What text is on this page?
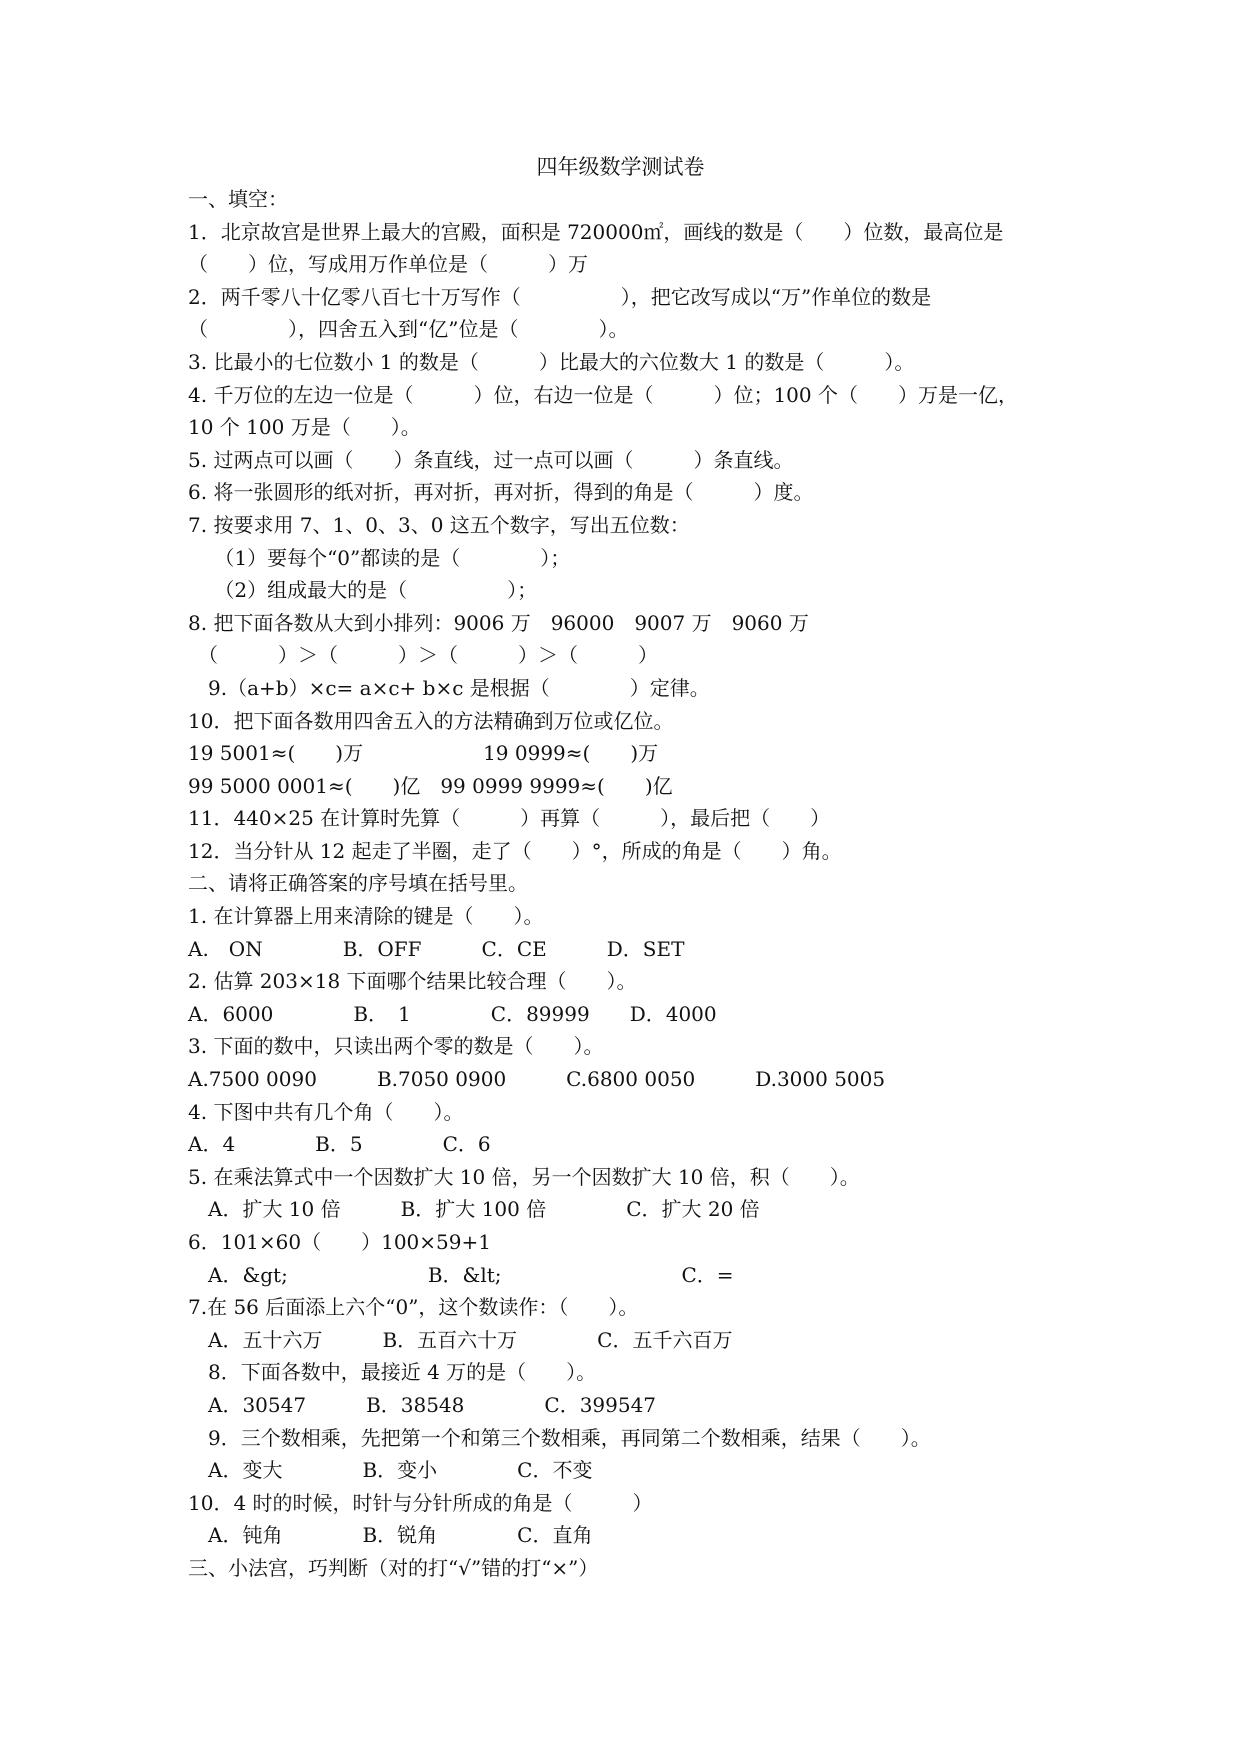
四年级数学测试卷
一、填空：
1．北京故宫是世界上最大的宫殿，面积是 720000㎡，画线的数是（　　）位数，最高位是
（　　）位，写成用万作单位是（　　　）万
2．两千零八十亿零八百七十万写作（　　　　　），把它改写成以“万”作单位的数是
（　　　　），四舍五入到“亿”位是（　　　　）。
3. 比最小的七位数小 1 的数是（　　　）比最大的六位数大 1 的数是（　　　）。
4. 千万位的左边一位是（　　　）位，右边一位是（　　　）位；100 个（　　）万是一亿，
10 个 100 万是（　　）。
5. 过两点可以画（　　）条直线，过一点可以画（　　　）条直线。
6. 将一张圆形的纸对折，再对折，再对折，得到的角是（　　　）度。
7. 按要求用 7、1、0、3、0 这五个数字，写出五位数：
　 （1）要每个“0”都读的是（　　　　）；
　 （2）组成最大的是（　　　　　）；
8. 把下面各数从大到小排列：9006 万　96000　9007 万　9060 万
　（　　　）＞（　　　）＞（　　　）＞（　　　）
　9.（a+b）×c= a×c+ b×c 是根据（　　　　）定律。
10．把下面各数用四舍五入的方法精确到万位或亿位。
19 5001≈(　　)万　　　　　　19 0999≈(　　)万
99 5000 0001≈(　　)亿　99 0999 9999≈(　　)亿
11．440×25 在计算时先算（　　　）再算（　　　），最后把（　　）
12．当分针从 12 起走了半圈，走了（　　）°，所成的角是（　　）角。
二、请将正确答案的序号填在括号里。
1. 在计算器上用来清除的键是（　　）。
A.　ON　　　　B．OFF　　　C．CE　　　D．SET
2. 估算 203×18 下面哪个结果比较合理（　　）。
A．6000　　　　B．　1　　　　C．89999　　D．4000
3. 下面的数中，只读出两个零的数是（　　）。
A.7500 0090　　　B.7050 0900　　　C.6800 0050　　　D.3000 5005
4. 下图中共有几个角（　　）。
A．4　　　　B．5　　　　C．6
5. 在乘法算式中一个因数扩大 10 倍，另一个因数扩大 10 倍，积（　　）。
　A．扩大 10 倍　　　B．扩大 100 倍　　　　C．扩大 20 倍
6．101×60（　　）100×59+1
　A．&gt;　　　　　　　B．&lt;　　　　　　　　　C．=
7.在 56 后面添上六个“0”，这个数读作：（　　）。
　A．五十六万　　　B．五百六十万　　　　C．五千六百万
　8．下面各数中，最接近 4 万的是（　　）。
　A．30547　　　B．38548　　　　C．399547
　9．三个数相乘，先把第一个和第三个数相乘，再同第二个数相乘，结果（　　）。
　A．变大　　　　B．变小　　　　C．不变
10．4 时的时候，时针与分针所成的角是（　　　）
　A．钝角　　　　B．锐角　　　　C．直角
三、小法宫，巧判断（对的打“√”错的打“×”）
